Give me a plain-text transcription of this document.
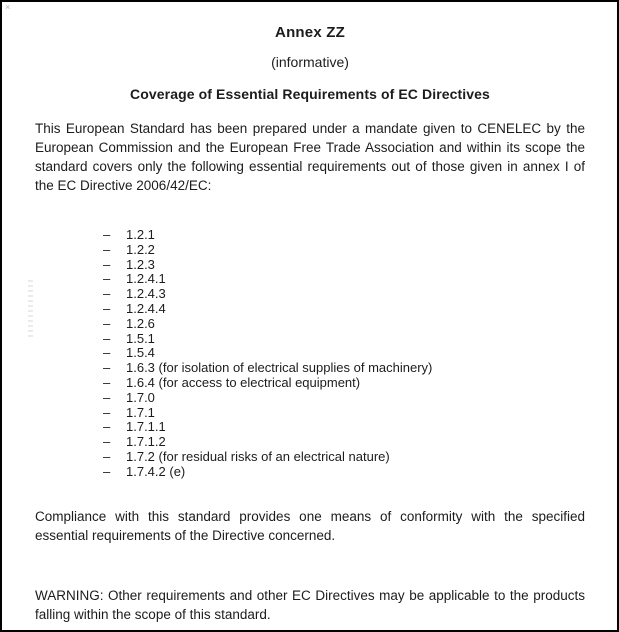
×
Annex ZZ
(informative)
Coverage of Essential Requirements of EC Directives

This European Standard has been prepared under a mandate given to CENELEC by the European Commission and the European Free Trade Association and within its scope the standard covers only the following essential requirements out of those given in annex I of the EC Directive 2006/42/EC:

– 1.2.1
– 1.2.2
– 1.2.3
– 1.2.4.1
– 1.2.4.3
– 1.2.4.4
– 1.2.6
– 1.5.1
– 1.5.4
– 1.6.3 (for isolation of electrical supplies of machinery)
– 1.6.4 (for access to electrical equipment)
– 1.7.0
– 1.7.1
– 1.7.1.1
– 1.7.1.2
– 1.7.2 (for residual risks of an electrical nature)
– 1.7.4.2 (e)

Compliance with this standard provides one means of conformity with the specified essential requirements of the Directive concerned.

WARNING: Other requirements and other EC Directives may be applicable to the products falling within the scope of this standard.
